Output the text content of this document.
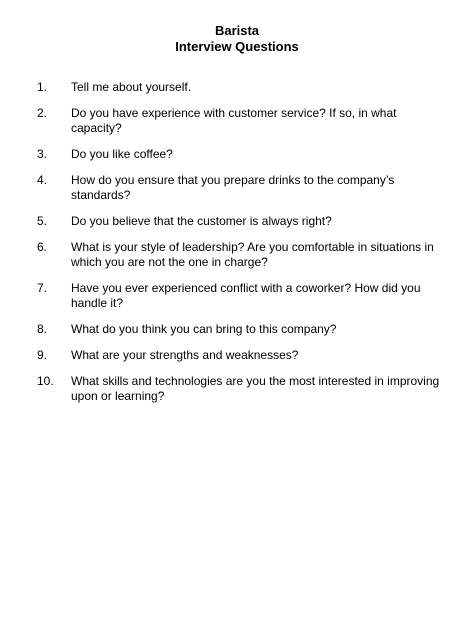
Barista
Interview Questions
1.	Tell me about yourself.
2.	Do you have experience with customer service? If so, in what capacity?
3.	Do you like coffee?
4.	How do you ensure that you prepare drinks to the company’s standards?
5.	Do you believe that the customer is always right?
6.	What is your style of leadership? Are you comfortable in situations in which you are not the one in charge?
7.	Have you ever experienced conflict with a coworker? How did you handle it?
8.	What do you think you can bring to this company?
9.	What are your strengths and weaknesses?
10.	What skills and technologies are you the most interested in improving upon or learning?
